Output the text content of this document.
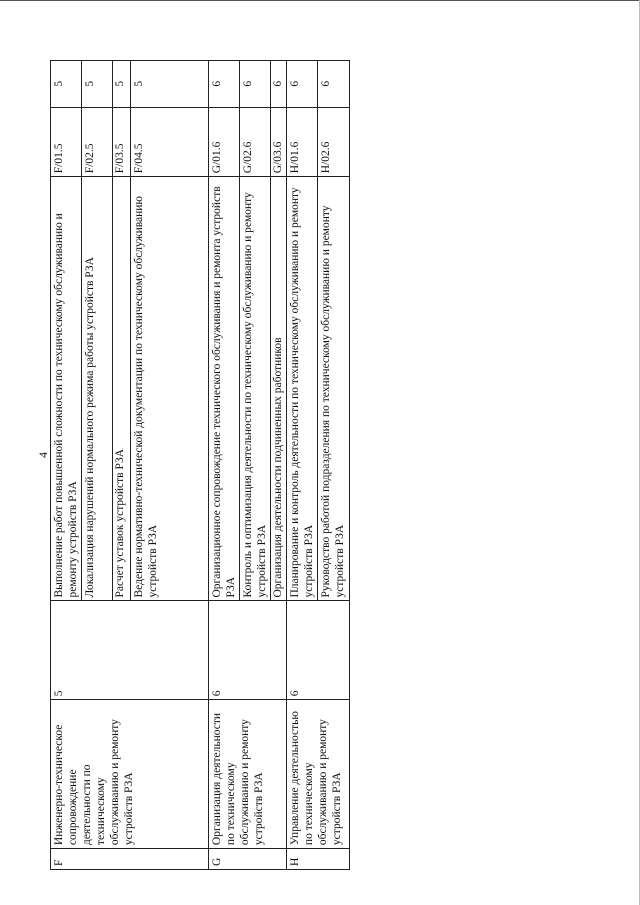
4
F	Инженерно-техническое сопровождение деятельности по техническому обслуживанию и ремонту устройств РЗА	5	Выполнение работ повышенной сложности по техническому обслуживанию и ремонту устройств РЗА	F/01.5	5
			Локализация нарушений нормального режима работы устройств РЗА	F/02.5	5
			Расчет уставок устройств РЗА	F/03.5	5
			Ведение нормативно-технической документации по техническому обслуживанию устройств РЗА	F/04.5	5
G	Организация деятельности по техническому обслуживанию и ремонту устройств РЗА	6	Организационное сопровождение технического обслуживания и ремонта устройств РЗА	G/01.6	6
			Контроль и оптимизация деятельности по техническому обслуживанию и ремонту устройств РЗА	G/02.6	6
			Организация деятельности подчиненных работников	G/03.6	6
H	Управление деятельностью по техническому обслуживанию и ремонту устройств РЗА	6	Планирование и контроль деятельности по техническому обслуживанию и ремонту устройств РЗА	H/01.6	6
			Руководство работой подразделения по техническому обслуживанию и ремонту устройств РЗА	H/02.6	6
